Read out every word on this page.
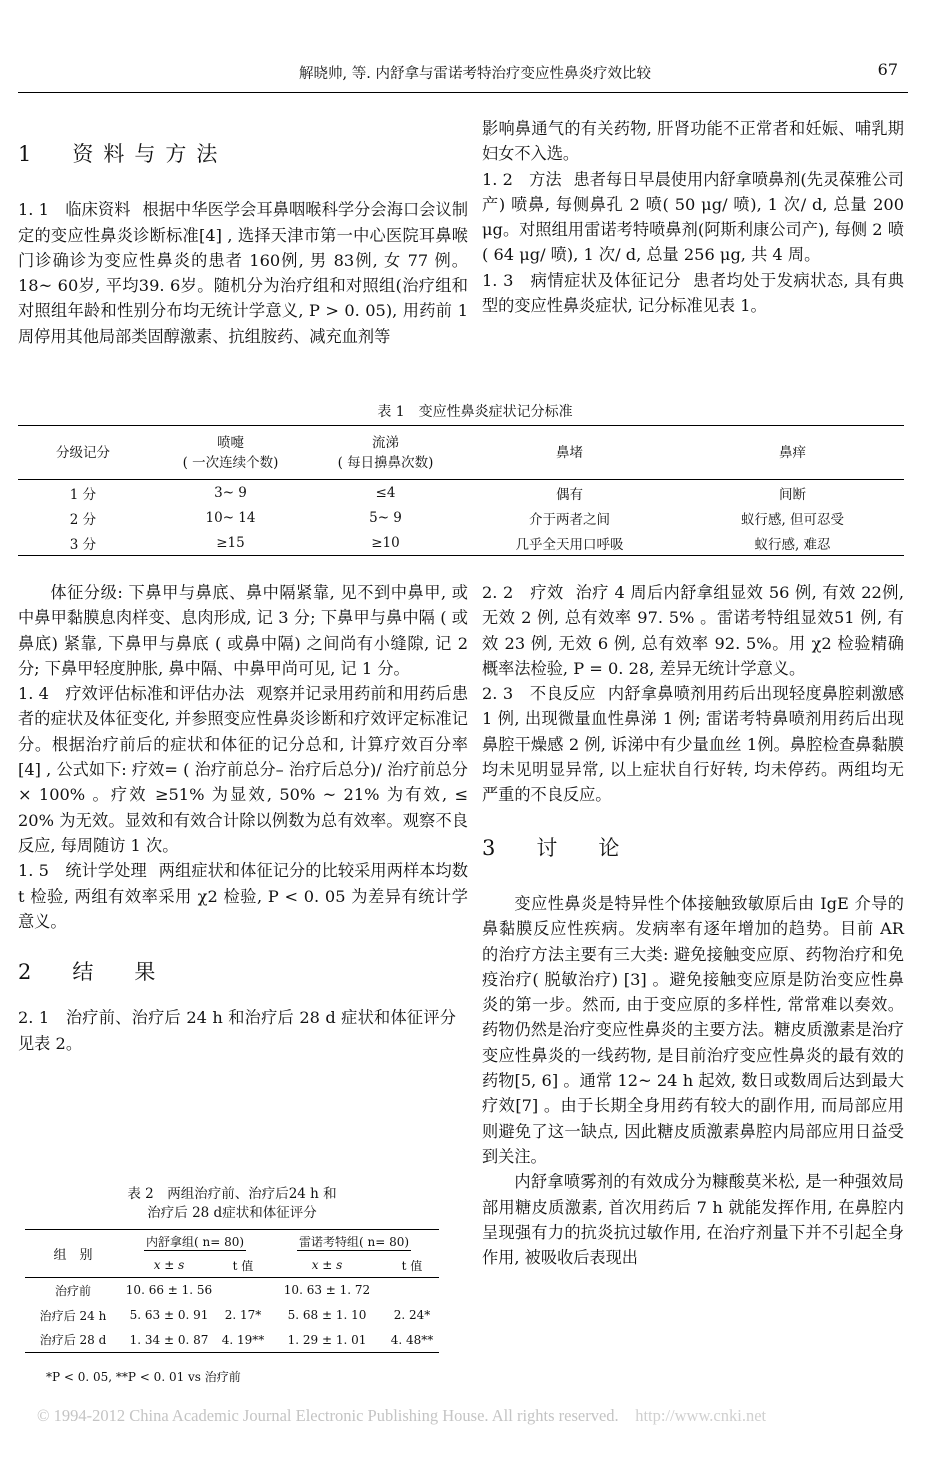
解晓帅, 等. 内舒拿与雷诺考特治疗变应性鼻炎疗效比较	67

1　资料与方法

1. 1　临床资料 根据中华医学会耳鼻咽喉科学分会海口会议制定的变应性鼻炎诊断标准[4] , 选择天津市第一中心医院耳鼻喉门诊确诊为变应性鼻炎的患者 160例, 男 83例, 女 77 例。18~ 60岁, 平均39. 6岁。随机分为治疗组和对照组(治疗组和对照组年龄和性别分布均无统计学意义, P > 0. 05), 用药前 1 周停用其他局部类固醇激素、抗组胺药、减充血剂等

影响鼻通气的有关药物, 肝肾功能不正常者和妊娠、哺乳期妇女不入选。

1. 2　方法 患者每日早晨使用内舒拿喷鼻剂(先灵葆雅公司产) 喷鼻, 每侧鼻孔 2 喷( 50 μg/ 喷), 1 次/ d, 总量 200 μg。对照组用雷诺考特喷鼻剂(阿斯利康公司产), 每侧 2 喷 ( 64 μg/ 喷), 1 次/ d, 总量 256 μg, 共 4 周。

1. 3　病情症状及体征记分 患者均处于发病状态, 具有典型的变应性鼻炎症状, 记分标准见表 1。

表 1　变应性鼻炎症状记分标准
分级记分	喷嚏
( 一次连续个数)	流涕
( 每日擤鼻次数)	鼻堵	鼻痒
1 分	3~ 9	≤4	偶有	间断
2 分	10~ 14	5~ 9	介于两者之间	蚁行感, 但可忍受
3 分	≥15	≥10	几乎全天用口呼吸	蚁行感, 难忍

体征分级: 下鼻甲与鼻底、鼻中隔紧靠, 见不到中鼻甲, 或中鼻甲黏膜息肉样变、息肉形成, 记 3 分; 下鼻甲与鼻中隔 ( 或鼻底) 紧靠, 下鼻甲与鼻底 ( 或鼻中隔) 之间尚有小缝隙, 记 2 分; 下鼻甲轻度肿胀, 鼻中隔、中鼻甲尚可见, 记 1 分。

1. 4　疗效评估标准和评估办法 观察并记录用药前和用药后患者的症状及体征变化, 并参照变应性鼻炎诊断和疗效评定标准记分。根据治疗前后的症状和体征的记分总和, 计算疗效百分率[4] , 公式如下: 疗效= ( 治疗前总分– 治疗后总分)/ 治疗前总分 × 100% 。疗效 ≥51% 为显效, 50% ~ 21% 为有效, ≤ 20% 为无效。显效和有效合计除以例数为总有效率。观察不良反应, 每周随访 1 次。

1. 5　统计学处理 两组症状和体征记分的比较采用两样本均数 t 检验, 两组有效率采用 χ2 检验, P < 0. 05 为差异有统计学意义。

2　结　果

2. 1　治疗前、治疗后 24 h 和治疗后 28 d 症状和体征评分见表 2。

表 2　两组治疗前、治疗后24 h 和
治疗后 28 d症状和体征评分
组　别	内舒拿组( n= 80)		雷诺考特组( n= 80)	
	x ± s	t 值	x ± s	t 值
治疗前	10. 66 ± 1. 56		10. 63 ± 1. 72	
治疗后 24 h	5. 63 ± 0. 91	2. 17*	5. 68 ± 1. 10	2. 24*
治疗后 28 d	1. 34 ± 0. 87	4. 19**	1. 29 ± 1. 01	4. 48**
*P < 0. 05, **P < 0. 01 vs 治疗前

2. 2　疗效 治疗 4 周后内舒拿组显效 56 例, 有效 22例, 无效 2 例, 总有效率 97. 5% 。雷诺考特组显效51 例, 有效 23 例, 无效 6 例, 总有效率 92. 5%。用 χ2 检验精确概率法检验, P = 0. 28, 差异无统计学意义。

2. 3　不良反应 内舒拿鼻喷剂用药后出现轻度鼻腔刺激感 1 例, 出现微量血性鼻涕 1 例; 雷诺考特鼻喷剂用药后出现鼻腔干燥感 2 例, 诉涕中有少量血丝 1例。鼻腔检查鼻黏膜均未见明显异常, 以上症状自行好转, 均未停药。两组均无严重的不良反应。

3　讨　论

变应性鼻炎是特异性个体接触致敏原后由 IgE 介导的鼻黏膜反应性疾病。发病率有逐年增加的趋势。目前 AR 的治疗方法主要有三大类: 避免接触变应原、药物治疗和免疫治疗( 脱敏治疗) [3] 。避免接触变应原是防治变应性鼻炎的第一步。然而, 由于变应原的多样性, 常常难以奏效。药物仍然是治疗变应性鼻炎的主要方法。糖皮质激素是治疗变应性鼻炎的一线药物, 是目前治疗变应性鼻炎的最有效的药物[5, 6] 。通常 12~ 24 h 起效, 数日或数周后达到最大疗效[7] 。由于长期全身用药有较大的副作用, 而局部应用则避免了这一缺点, 因此糖皮质激素鼻腔内局部应用日益受到关注。

内舒拿喷雾剂的有效成分为糠酸莫米松, 是一种强效局部用糖皮质激素, 首次用药后 7 h 就能发挥作用, 在鼻腔内呈现强有力的抗炎抗过敏作用, 在治疗剂量下并不引起全身作用, 被吸收后表现出

© 1994-2012 China Academic Journal Electronic Publishing House. All rights reserved. http://www.cnki.net
